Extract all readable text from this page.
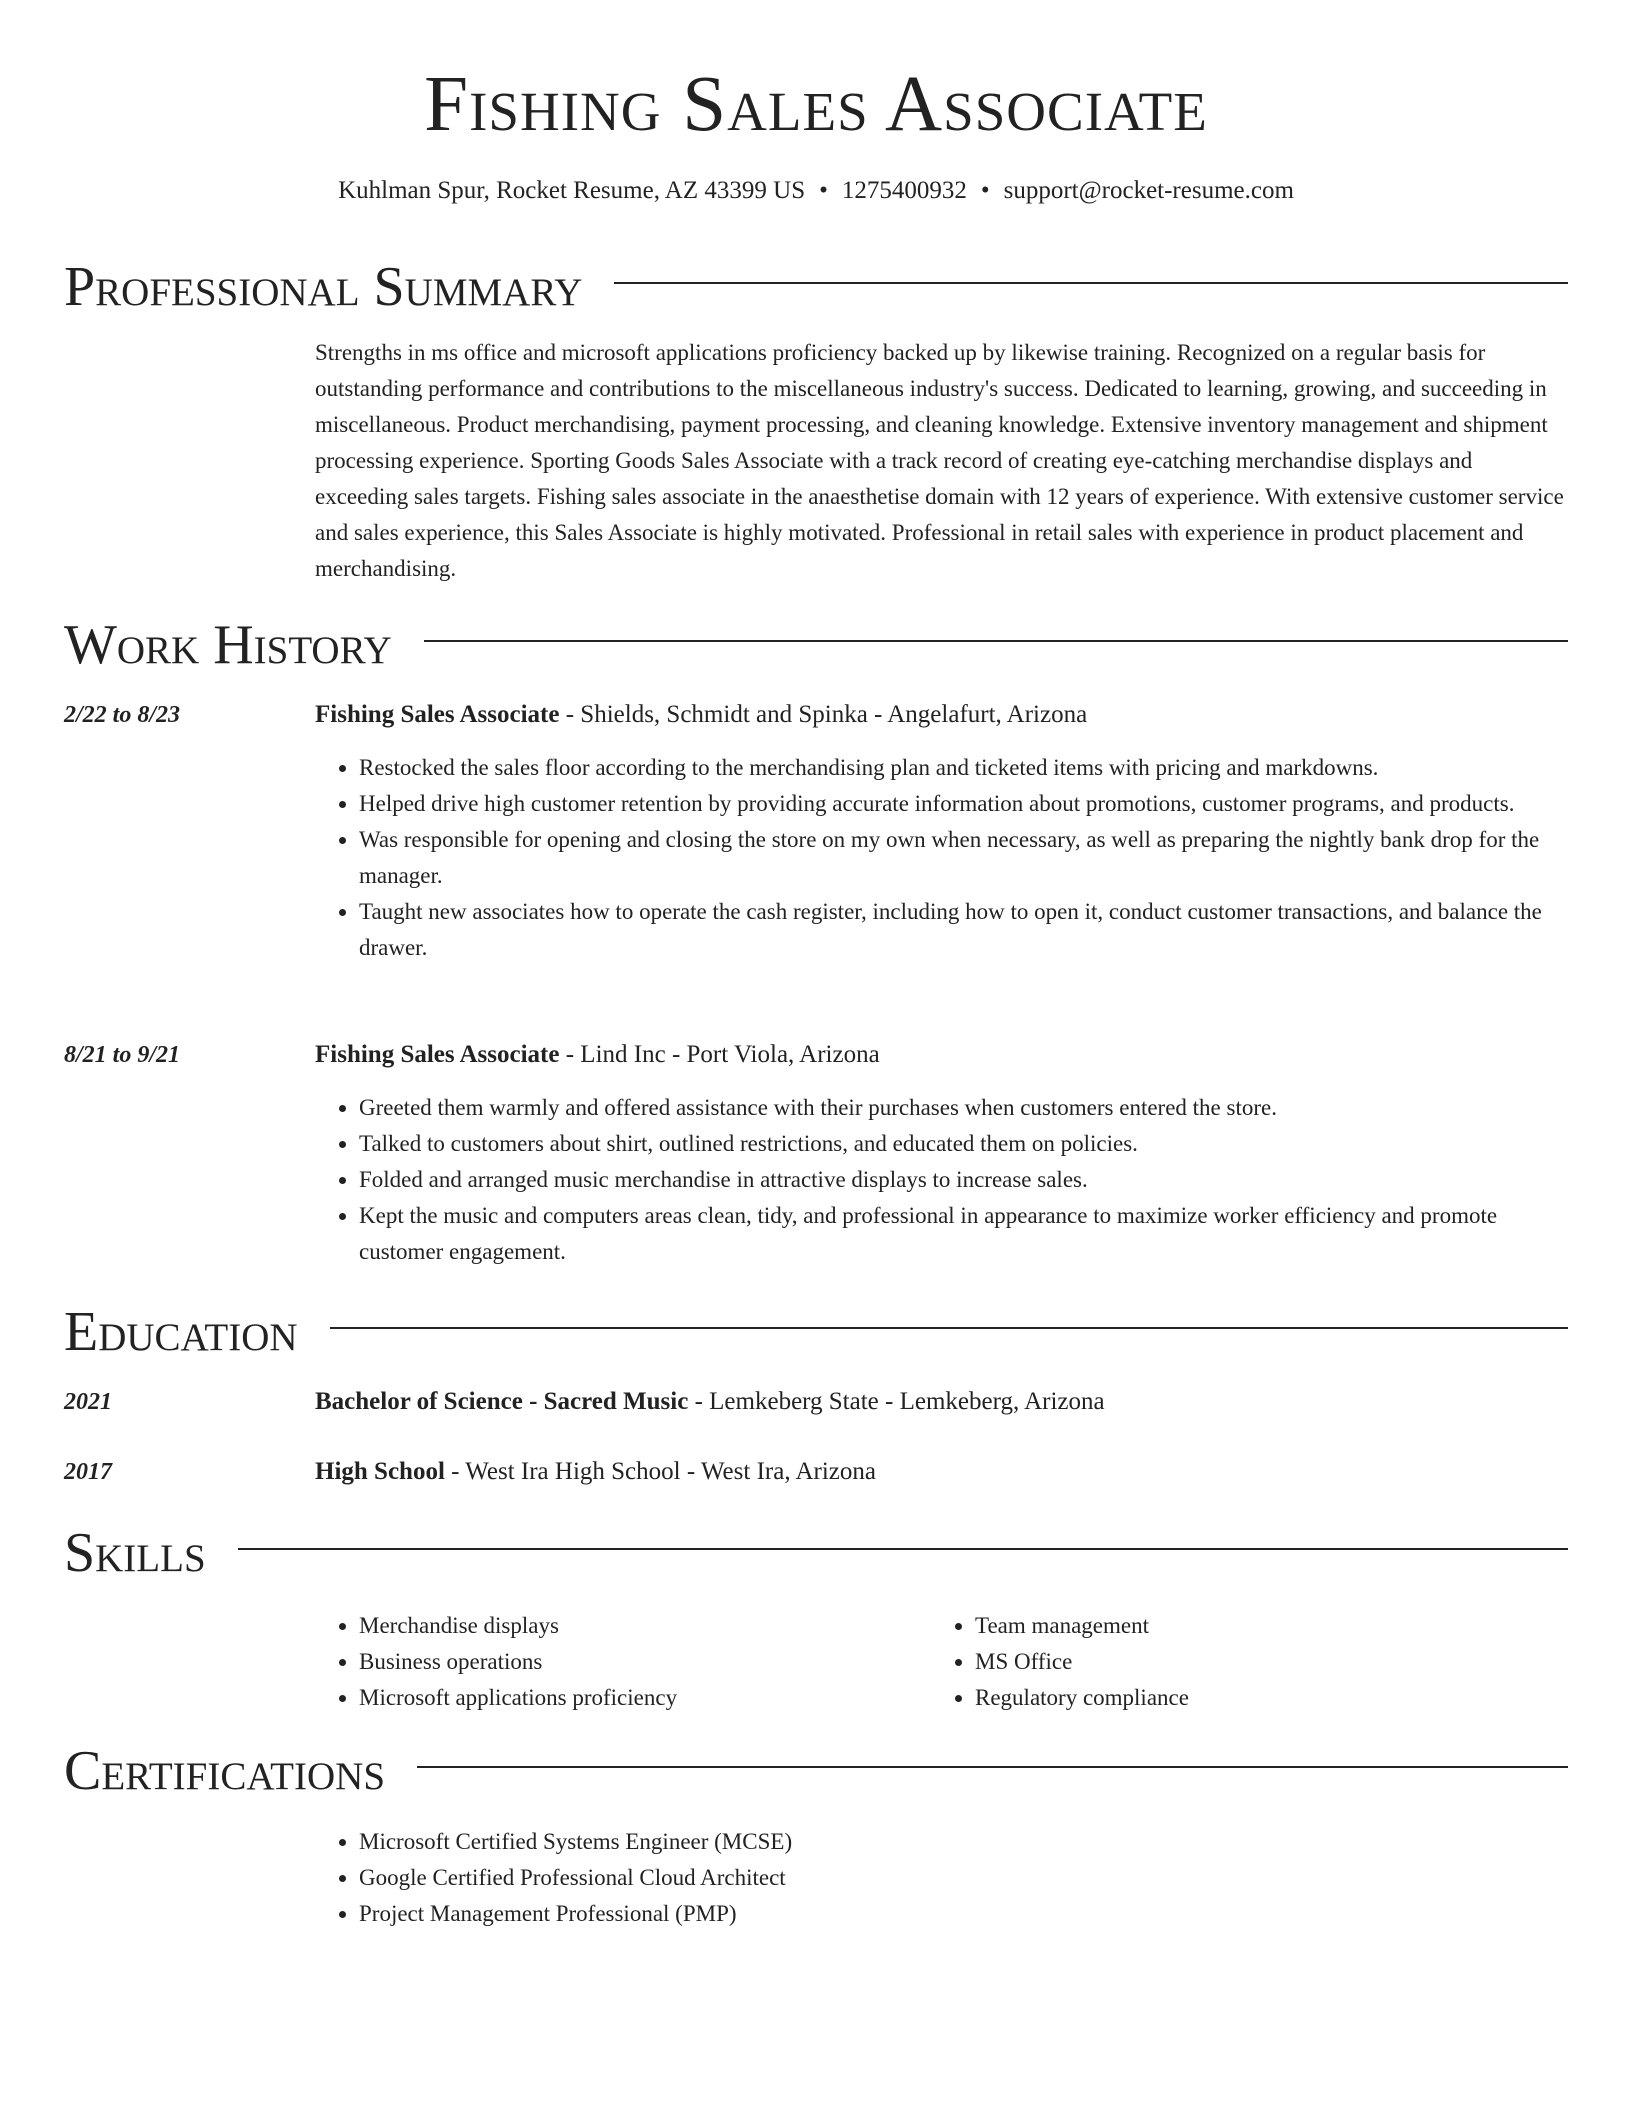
Fishing Sales Associate
Kuhlman Spur, Rocket Resume, AZ 43399 US • 1275400932 • support@rocket-resume.com
Professional Summary
Strengths in ms office and microsoft applications proficiency backed up by likewise training. Recognized on a regular basis for outstanding performance and contributions to the miscellaneous industry's success. Dedicated to learning, growing, and succeeding in miscellaneous. Product merchandising, payment processing, and cleaning knowledge. Extensive inventory management and shipment processing experience. Sporting Goods Sales Associate with a track record of creating eye-catching merchandise displays and exceeding sales targets. Fishing sales associate in the anaesthetise domain with 12 years of experience. With extensive customer service and sales experience, this Sales Associate is highly motivated. Professional in retail sales with experience in product placement and merchandising.
Work History
2/22 to 8/23	Fishing Sales Associate - Shields, Schmidt and Spinka - Angelafurt, Arizona
• Restocked the sales floor according to the merchandising plan and ticketed items with pricing and markdowns.
• Helped drive high customer retention by providing accurate information about promotions, customer programs, and products.
• Was responsible for opening and closing the store on my own when necessary, as well as preparing the nightly bank drop for the manager.
• Taught new associates how to operate the cash register, including how to open it, conduct customer transactions, and balance the drawer.
8/21 to 9/21	Fishing Sales Associate - Lind Inc - Port Viola, Arizona
• Greeted them warmly and offered assistance with their purchases when customers entered the store.
• Talked to customers about shirt, outlined restrictions, and educated them on policies.
• Folded and arranged music merchandise in attractive displays to increase sales.
• Kept the music and computers areas clean, tidy, and professional in appearance to maximize worker efficiency and promote customer engagement.
Education
2021	Bachelor of Science - Sacred Music - Lemkeberg State - Lemkeberg, Arizona
2017	High School - West Ira High School - West Ira, Arizona
Skills
• Merchandise displays
• Business operations
• Microsoft applications proficiency
• Team management
• MS Office
• Regulatory compliance
Certifications
• Microsoft Certified Systems Engineer (MCSE)
• Google Certified Professional Cloud Architect
• Project Management Professional (PMP)
